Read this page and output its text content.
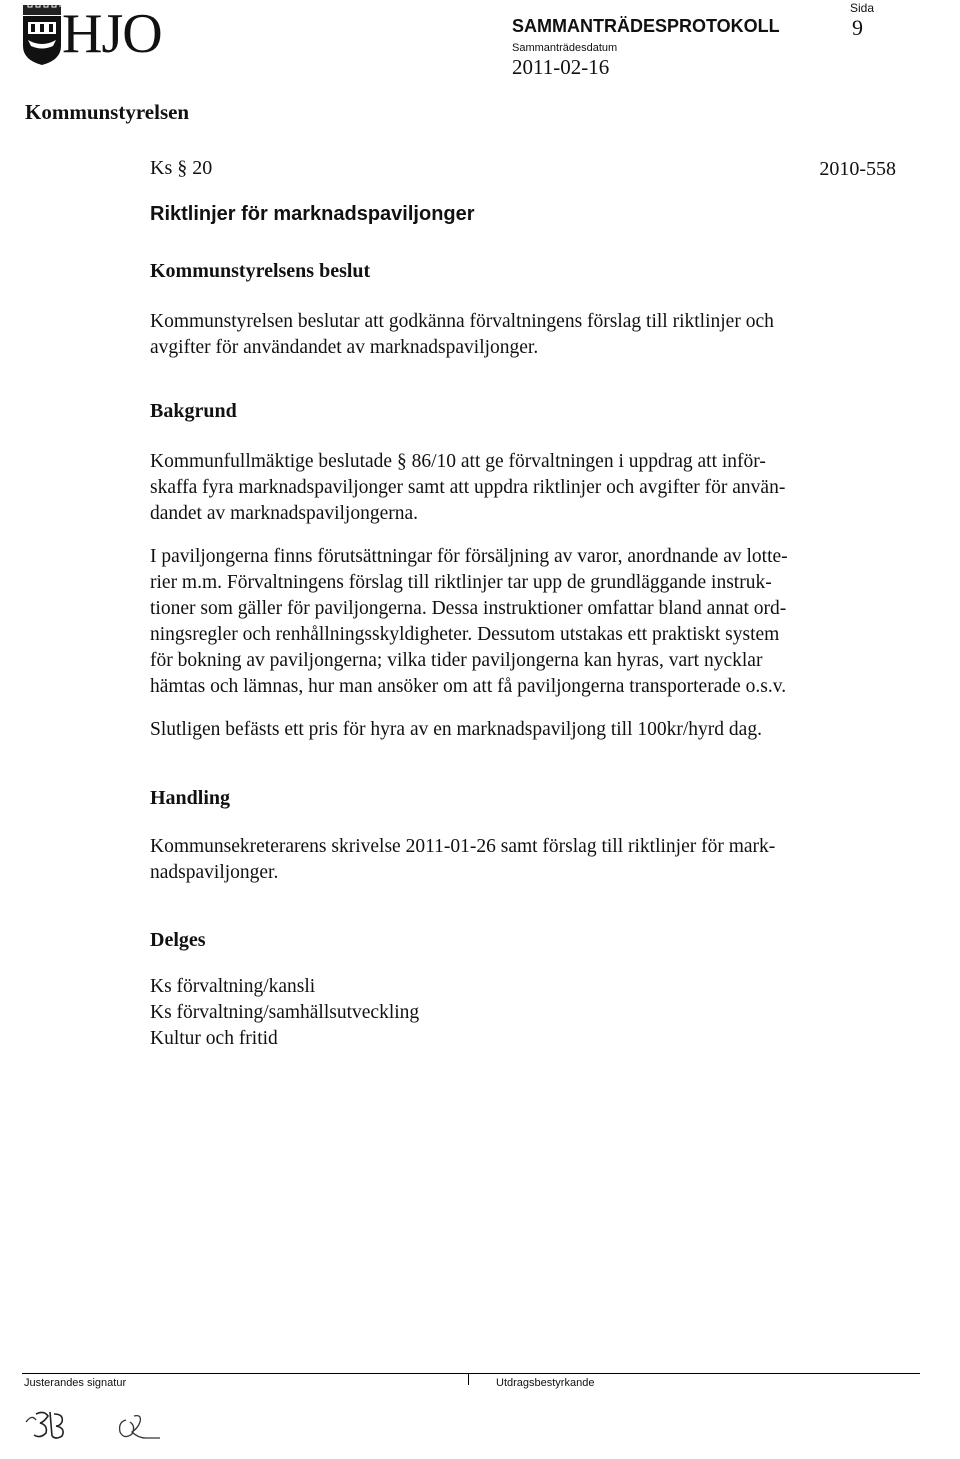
HJO	SAMMANTRÄDESPROTOKOLL
Sammanträdesdatum
2011-02-16
Sida
9
Kommunstyrelsen
Ks § 20	2010-558
Riktlinjer för marknadspaviljonger
Kommunstyrelsens beslut

Kommunstyrelsen beslutar att godkänna förvaltningens förslag till riktlinjer och
avgifter för användandet av marknadspaviljonger.

Bakgrund

Kommunfullmäktige beslutade § 86/10 att ge förvaltningen i uppdrag att inför-
skaffa fyra marknadspaviljonger samt att uppdra riktlinjer och avgifter för använ-
dandet av marknadspaviljongerna.

I paviljongerna finns förutsättningar för försäljning av varor, anordnande av lotte-
rier m.m. Förvaltningens förslag till riktlinjer tar upp de grundläggande instruk-
tioner som gäller för paviljongerna. Dessa instruktioner omfattar bland annat ord-
ningsregler och renhållningsskyldigheter. Dessutom utstakas ett praktiskt system
för bokning av paviljongerna; vilka tider paviljongerna kan hyras, vart nycklar
hämtas och lämnas, hur man ansöker om att få paviljongerna transporterade o.s.v.

Slutligen befästs ett pris för hyra av en marknadspaviljong till 100kr/hyrd dag.

Handling

Kommunsekreterarens skrivelse 2011-01-26 samt förslag till riktlinjer för mark-
nadspaviljonger.

Delges

Ks förvaltning/kansli
Ks förvaltning/samhällsutveckling
Kultur och fritid

Justerandes signatur	Utdragsbestyrkande
